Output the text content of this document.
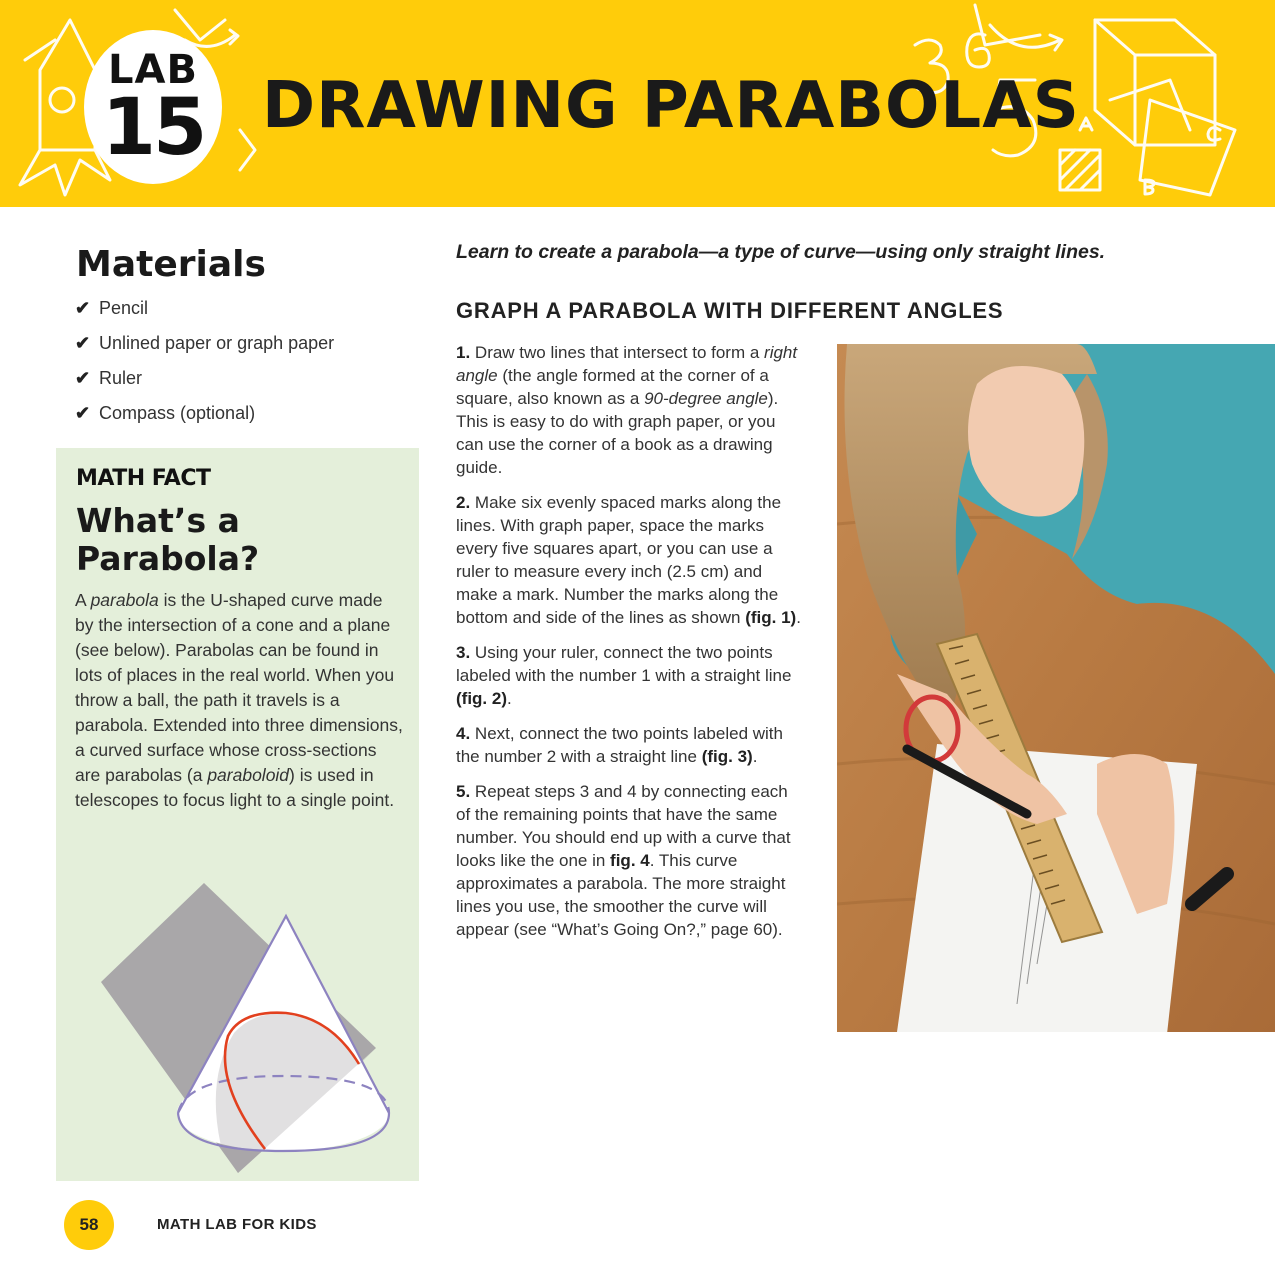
LAB
15 DRAWING PARABOLAS
Materials
✔ Pencil
✔ Unlined paper or graph paper
✔ Ruler
✔ Compass (optional)
MATH FACT
What’s a Parabola?

A parabola is the U-shaped curve made by the intersection of a cone and a plane (see below). Parabolas can be found in lots of places in the real world. When you throw a ball, the path it travels is a parabola. Extended into three dimensions, a curved surface whose cross-sections are parabolas (a paraboloid) is used in telescopes to focus light to a single point.

Learn to create a parabola—a type of curve—using only straight lines.
GRAPH A PARABOLA WITH DIFFERENT ANGLES

1. Draw two lines that intersect to form a right angle (the angle formed at the corner of a square, also known as a 90-degree angle). This is easy to do with graph paper, or you can use the corner of a book as a drawing guide.

2. Make six evenly spaced marks along the lines. With graph paper, space the marks every five squares apart, or you can use a ruler to measure every inch (2.5 cm) and make a mark. Number the marks along the bottom and side of the lines as shown (fig. 1).

3. Using your ruler, connect the two points labeled with the number 1 with a straight line (fig. 2).

4. Next, connect the two points labeled with the number 2 with a straight line (fig. 3).

5. Repeat steps 3 and 4 by connecting each of the remaining points that have the same number. You should end up with a curve that looks like the one in fig. 4. This curve approximates a parabola. The more straight lines you use, the smoother the curve will appear (see “What’s Going On?,” page 60).

58	MATH LAB FOR KIDS
